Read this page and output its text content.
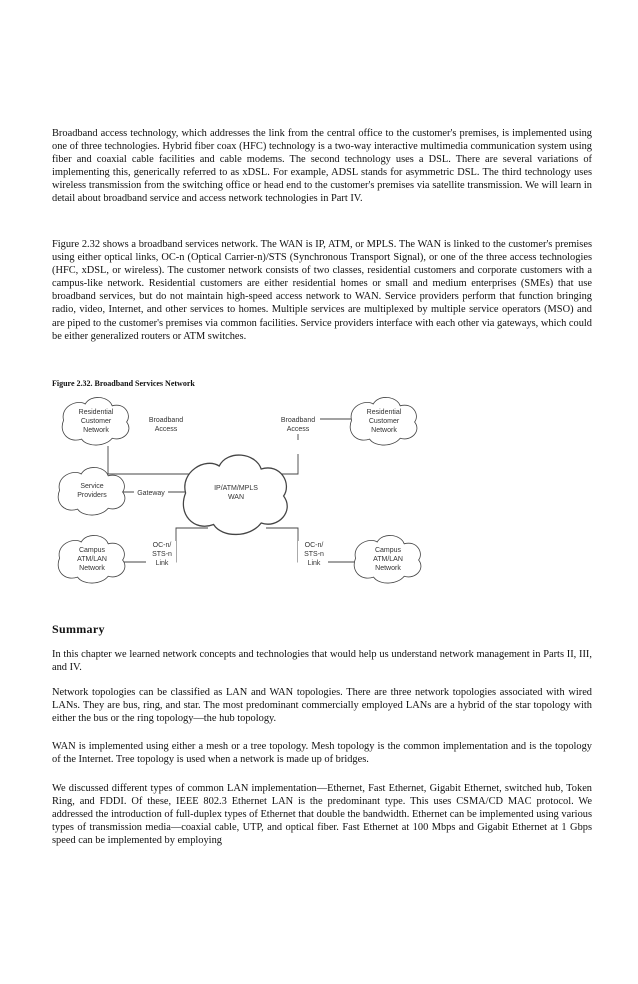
Broadband access technology, which addresses the link from the central office to the customer's premises, is implemented using one of three technologies. Hybrid fiber coax (HFC) technology is a two-way interactive multimedia communication system using fiber and coaxial cable facilities and cable modems. The second technology uses a DSL. There are several variations of implementing this, generically referred to as xDSL. For example, ADSL stands for asymmetric DSL. The third technology uses wireless transmission from the switching office or head end to the customer's premises via satellite transmission. We will learn in detail about broadband service and access network technologies in Part IV.

Figure 2.32 shows a broadband services network. The WAN is IP, ATM, or MPLS. The WAN is linked to the customer's premises using either optical links, OC-n (Optical Carrier-n)/STS (Synchronous Transport Signal), or one of the three access technologies (HFC, xDSL, or wireless). The customer network consists of two classes, residential customers and corporate customers with a campus-like network. Residential customers are either residential homes or small and medium enterprises (SMEs) that use broadband services, but do not maintain high-speed access network to WAN. Service providers perform that function bringing radio, video, Internet, and other services to homes. Multiple services are multiplexed by multiple service operators (MSO) and are piped to the customer's premises via common facilities. Service providers interface with each other via gateways, which could be either generalized routers or ATM switches.

Figure 2.32. Broadband Services Network

Residential
Customer
Network
Residential
Customer
Network
Service
Providers
IP/ATM/MPLS
WAN
Campus
ATM/LAN
Network
Campus
ATM/LAN
Network
Broadband
Access
Broadband
Access
Gateway
OC-n/
STS-n
Link
OC-n/
STS-n
Link

Summary

In this chapter we learned network concepts and technologies that would help us understand network management in Parts II, III, and IV.

Network topologies can be classified as LAN and WAN topologies. There are three network topologies associated with wired LANs. They are bus, ring, and star. The most predominant commercially employed LANs are a hybrid of the star topology with either the bus or the ring topology—the hub topology.

WAN is implemented using either a mesh or a tree topology. Mesh topology is the common implementation and is the topology of the Internet. Tree topology is used when a network is made up of bridges.

We discussed different types of common LAN implementation—Ethernet, Fast Ethernet, Gigabit Ethernet, switched hub, Token Ring, and FDDI. Of these, IEEE 802.3 Ethernet LAN is the predominant type. This uses CSMA/CD MAC protocol. We addressed the introduction of full-duplex types of Ethernet that double the bandwidth. Ethernet can be implemented using various types of transmission media—coaxial cable, UTP, and optical fiber. Fast Ethernet at 100 Mbps and Gigabit Ethernet at 1 Gbps speed can be implemented by employing
